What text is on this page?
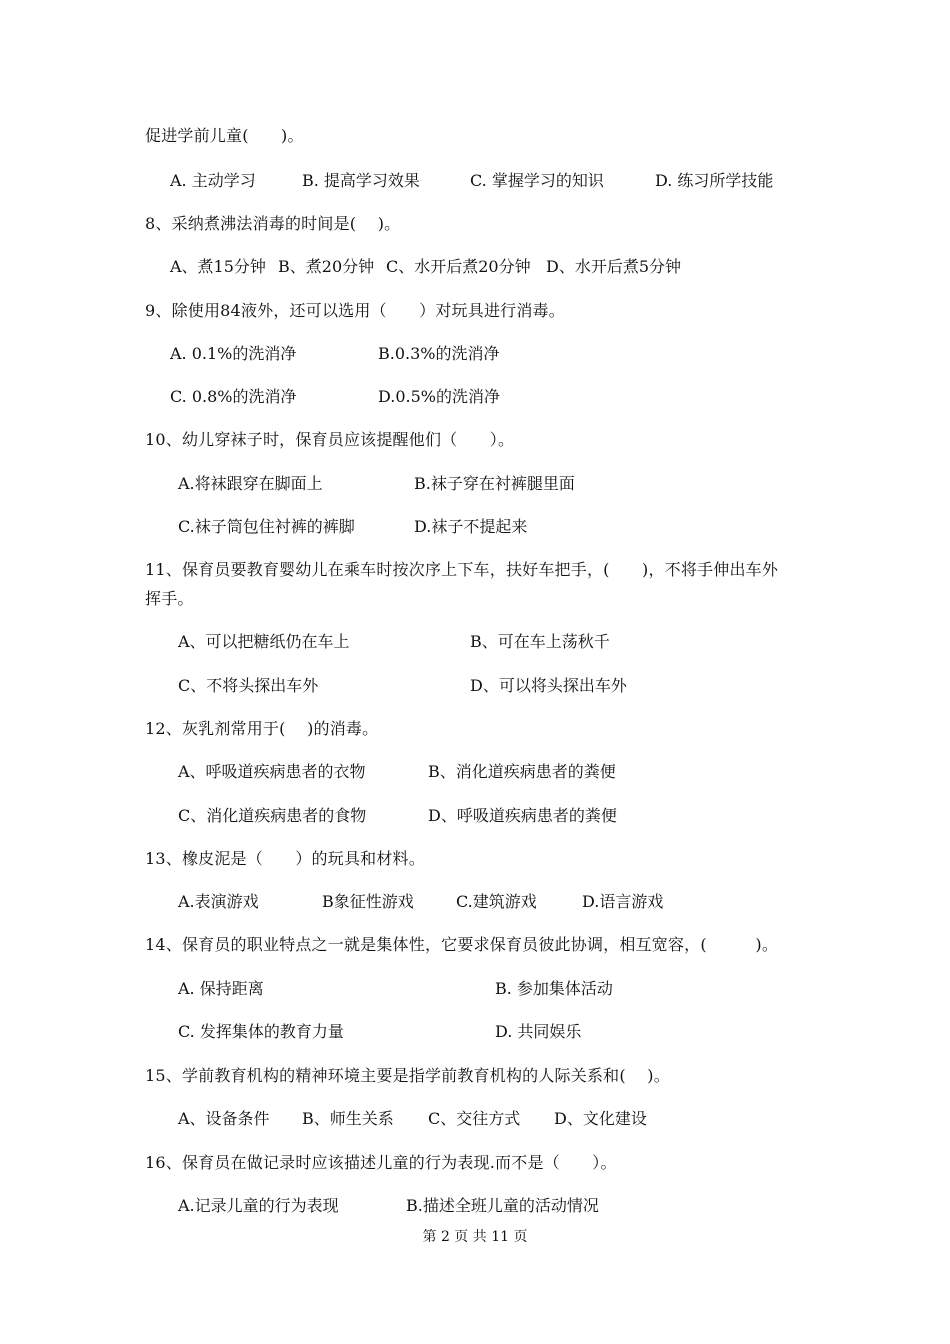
促进学前儿童(　　)。
A. 主动学习	B. 提高学习效果	C. 掌握学习的知识	D. 练习所学技能
8、采纳煮沸法消毒的时间是(　 )。
A、煮15分钟 B、煮20分钟 C、水开后煮20分钟 D、水开后煮5分钟
9、除使用84液外，还可以选用（　　）对玩具进行消毒。
A. 0.1%的洗消净	B.0.3%的洗消净
C. 0.8%的洗消净	D.0.5%的洗消净
10、幼儿穿袜子时，保育员应该提醒他们（　　）。
A.将袜跟穿在脚面上	B.袜子穿在衬裤腿里面
C.袜子筒包住衬裤的裤脚	D.袜子不提起来
11、保育员要教育婴幼儿在乘车时按次序上下车，扶好车把手，(　　)，不将手伸出车外
挥手。
A、可以把糖纸仍在车上	B、可在车上荡秋千
C、不将头探出车外	D、可以将头探出车外
12、灰乳剂常用于(　 )的消毒。
A、呼吸道疾病患者的衣物	B、消化道疾病患者的粪便
C、消化道疾病患者的食物	D、呼吸道疾病患者的粪便
13、橡皮泥是（　　）的玩具和材料。
A.表演游戏	B象征性游戏	C.建筑游戏	D.语言游戏
14、保育员的职业特点之一就是集体性，它要求保育员彼此协调，相互宽容，(　　　)。
A. 保持距离	B. 参加集体活动
C. 发挥集体的教育力量	D. 共同娱乐
15、学前教育机构的精神环境主要是指学前教育机构的人际关系和(　 )。
A、设备条件 B、师生关系 C、交往方式 D、文化建设
16、保育员在做记录时应该描述儿童的行为表现.而不是（　　）。
A.记录儿童的行为表现	B.描述全班儿童的活动情况
第 2 页 共 11 页
